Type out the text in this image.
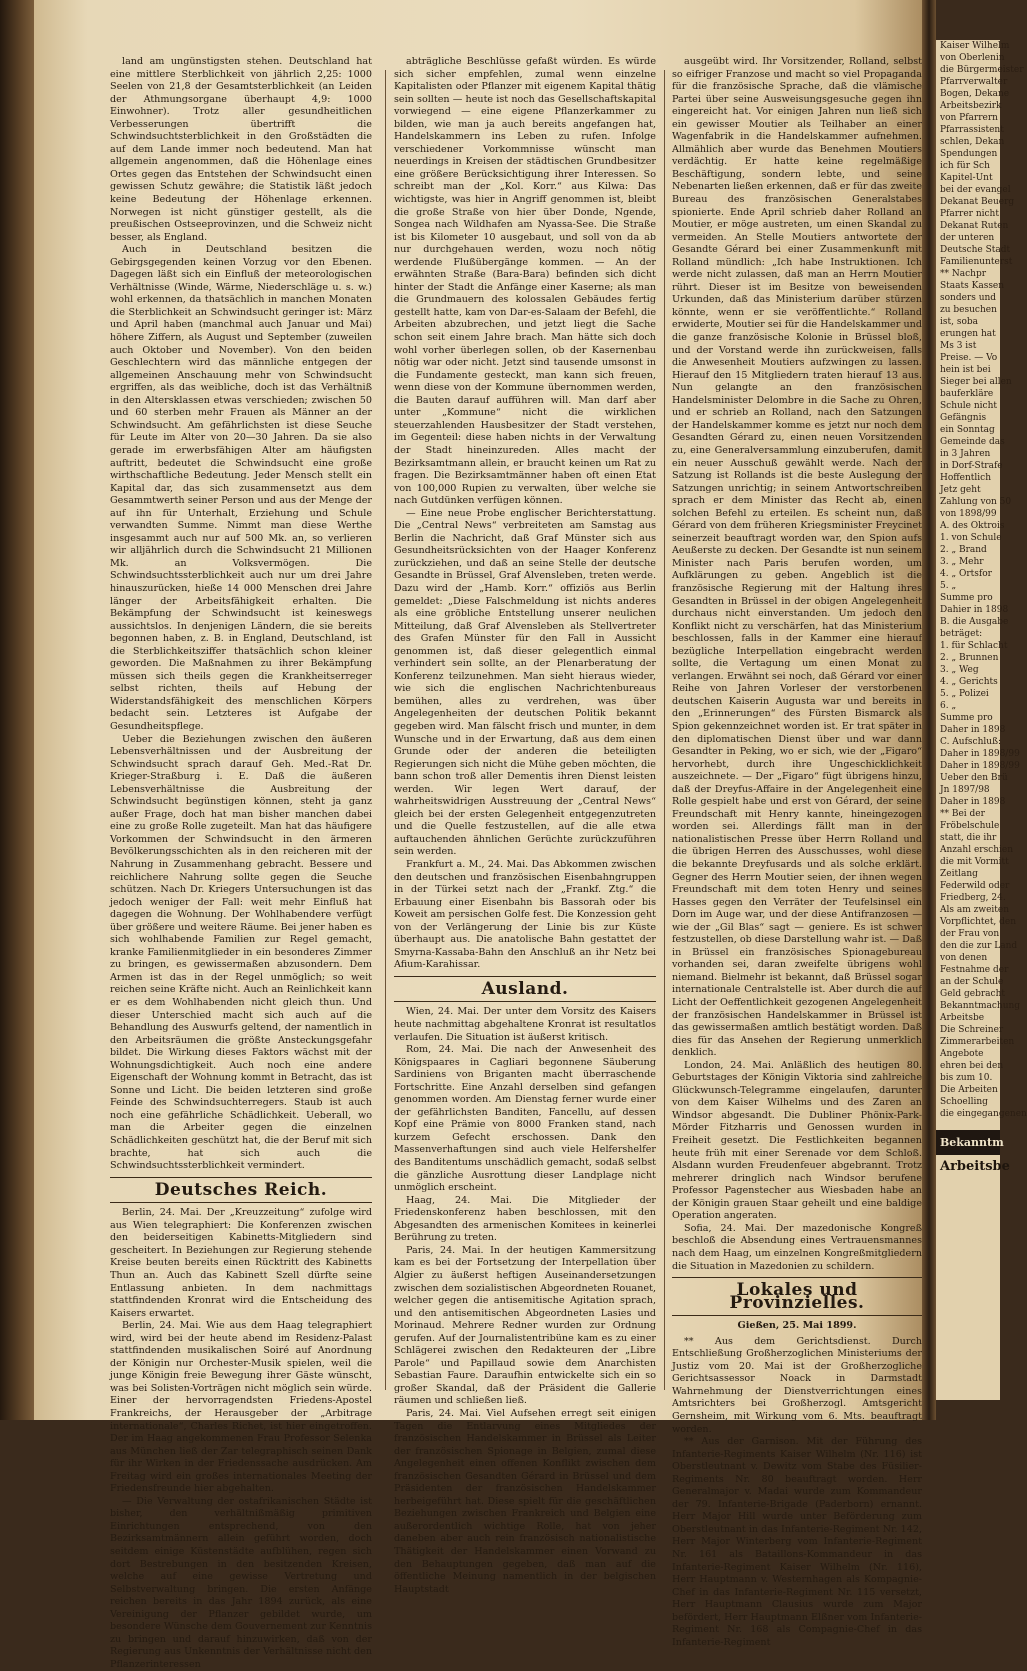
land am ungünstigsten stehen. Deutschland hat eine mittlere Sterblichkeit von jährlich 2,25: 1000 Seelen von 21,8 der Gesamtsterblichkeit (an Leiden der Athmungsorgane überhaupt 4,9: 1000 Einwohner). Trotz aller gesundheitlichen Verbesserungen übertrifft die Schwindsuchtsterblichkeit in den Großstädten die auf dem Lande immer noch bedeutend. Man hat allgemein angenommen, daß die Höhenlage eines Ortes gegen das Entstehen der Schwindsucht einen gewissen Schutz gewähre; die Statistik läßt jedoch keine Bedeutung der Höhenlage erkennen. Norwegen ist nicht günstiger gestellt, als die preußischen Ostseeprovinzen, und die Schweiz nicht besser, als England.

Auch in Deutschland besitzen die Gebirgsgegenden keinen Vorzug vor den Ebenen. Dagegen läßt sich ein Einfluß der meteorologischen Verhältnisse (Winde, Wärme, Niederschläge u. s. w.) wohl erkennen, da thatsächlich in manchen Monaten die Sterblichkeit an Schwindsucht geringer ist: März und April haben (manchmal auch Januar und Mai) höhere Ziffern, als August und September (zuweilen auch Oktober und November). Von den beiden Geschlechtern wird das männliche entgegen der allgemeinen Anschauung mehr von Schwindsucht ergriffen, als das weibliche, doch ist das Verhältniß in den Altersklassen etwas verschieden; zwischen 50 und 60 sterben mehr Frauen als Männer an der Schwindsucht. Am gefährlichsten ist diese Seuche für Leute im Alter von 20—30 Jahren. Da sie also gerade im erwerbsfähigen Alter am häufigsten auftritt, bedeutet die Schwindsucht eine große wirthschaftliche Bedeutung. Jeder Mensch stellt ein Kapital dar, das sich zusammensetzt aus dem Gesammtwerth seiner Person und aus der Menge der auf ihn für Unterhalt, Erziehung und Schule verwandten Summe. Nimmt man diese Werthe insgesammt auch nur auf 500 Mk. an, so verlieren wir alljährlich durch die Schwindsucht 21 Millionen Mk. an Volksvermögen. Die Schwindsuchtssterblichkeit auch nur um drei Jahre hinauszurücken, hieße 14 000 Menschen drei Jahre länger der Arbeitsfähigkeit erhalten. Die Bekämpfung der Schwindsucht ist keineswegs aussichtslos. In denjenigen Ländern, die sie bereits begonnen haben, z. B. in England, Deutschland, ist die Sterblichkeitsziffer thatsächlich schon kleiner geworden. Die Maßnahmen zu ihrer Bekämpfung müssen sich theils gegen die Krankheitserreger selbst richten, theils auf Hebung der Widerstandsfähigkeit des menschlichen Körpers bedacht sein. Letzteres ist Aufgabe der Gesundheitspflege.

Ueber die Beziehungen zwischen den äußeren Lebensverhältnissen und der Ausbreitung der Schwindsucht sprach darauf Geh. Med.-Rat Dr. Krieger-Straßburg i. E. Daß die äußeren Lebensverhältnisse die Ausbreitung der Schwindsucht begünstigen können, steht ja ganz außer Frage, doch hat man bisher manchen dabei eine zu große Rolle zugeteilt. Man hat das häufigere Vorkommen der Schwindsucht in den ärmeren Bevölkerungsschichten als in den reicheren mit der Nahrung in Zusammenhang gebracht. Bessere und reichlichere Nahrung sollte gegen die Seuche schützen. Nach Dr. Kriegers Untersuchungen ist das jedoch weniger der Fall: weit mehr Einfluß hat dagegen die Wohnung. Der Wohlhabendere verfügt über größere und weitere Räume. Bei jener haben es sich wohlhabende Familien zur Regel gemacht, kranke Familienmitglieder in ein besonderes Zimmer zu bringen, es gewissermaßen abzusondern. Dem Armen ist das in der Regel unmöglich; so weit reichen seine Kräfte nicht. Auch an Reinlichkeit kann er es dem Wohlhabenden nicht gleich thun. Und dieser Unterschied macht sich auch auf die Behandlung des Auswurfs geltend, der namentlich in den Arbeitsräumen die größte Ansteckungsgefahr bildet. Die Wirkung dieses Faktors wächst mit der Wohnungsdichtigkeit. Auch noch eine andere Eigenschaft der Wohnung kommt in Betracht, das ist Sonne und Licht. Die beiden letzteren sind große Feinde des Schwindsuchterregers. Staub ist auch noch eine gefährliche Schädlichkeit. Ueberall, wo man die Arbeiter gegen die einzelnen Schädlichkeiten geschützt hat, die der Beruf mit sich brachte, hat sich auch die Schwindsuchtssterblichkeit vermindert.

Deutsches Reich.

Berlin, 24. Mai. Der „Kreuzzeitung“ zufolge wird aus Wien telegraphiert: Die Konferenzen zwischen den beiderseitigen Kabinetts-Mitgliedern sind gescheitert. In Beziehungen zur Regierung stehende Kreise beuten bereits einen Rücktritt des Kabinetts Thun an. Auch das Kabinett Szell dürfte seine Entlassung anbieten. In dem nachmittags stattfindenden Kronrat wird die Entscheidung des Kaisers erwartet.

Berlin, 24. Mai. Wie aus dem Haag telegraphiert wird, wird bei der heute abend im Residenz-Palast stattfindenden musikalischen Soiré auf Anordnung der Königin nur Orchester-Musik spielen, weil die junge Königin freie Bewegung ihrer Gäste wünscht, was bei Solisten-Vorträgen nicht möglich sein würde. Einer der hervorragendsten Friedens-Apostel Frankreichs, der Herausgeber der „Arbitrage internationale“, Charles Richet, ist hier eingetroffen. Der im Haag angekommenen Frau Professor Selenka aus München ließ der Zar telegraphisch seinen Dank für ihr Wirken in der Friedenssache ausdrücken. Am Freitag wird ein großes internationales Meeting der Friedensfreunde hier abgehalten.

— Die Verwaltung der ostafrikanischen Städte ist bisher, den verhältnißmäßig primitiven Einrichtungen entsprechend, von den Bezirksamtmännern allein geführt worden, doch seitdem einige Küstenstädte aufblühen, regen sich dort Bestrebungen in den besitzenden Kreisen, welche auf eine gewisse Vertretung und Selbstverwaltung bringen. Die ersten Anfänge reichen bereits in das Jahr 1894 zurück, als eine Vereinigung der Pflanzer gebildet wurde, um besondere Wünsche dem Gouvernement zur Kenntnis zu bringen und darauf hinzuwirken, daß von der Regierung aus Unkenntnis der Verhältnisse nicht den Pflanzerinteressen

abträgliche Beschlüsse gefaßt würden. Es würde sich sicher empfehlen, zumal wenn einzelne Kapitalisten oder Pflanzer mit eigenem Kapital thätig sein sollten — heute ist noch das Gesellschaftskapital vorwiegend — eine eigene Pflanzerkammer zu bilden, wie man ja auch bereits angefangen hat, Handelskammern ins Leben zu rufen. Infolge verschiedener Vorkommnisse wünscht man neuerdings in Kreisen der städtischen Grundbesitzer eine größere Berücksichtigung ihrer Interessen. So schreibt man der „Kol. Korr.“ aus Kilwa: Das wichtigste, was hier in Angriff genommen ist, bleibt die große Straße von hier über Donde, Ngende, Songea nach Wildhafen am Nyassa-See. Die Straße ist bis Kilometer 10 ausgebaut, und soll von da ab nur durchgehauen werden, wozu noch nötig werdende Flußübergänge kommen. — An der erwähnten Straße (Bara-Bara) befinden sich dicht hinter der Stadt die Anfänge einer Kaserne; als man die Grundmauern des kolossalen Gebäudes fertig gestellt hatte, kam von Dar-es-Salaam der Befehl, die Arbeiten abzubrechen, und jetzt liegt die Sache schon seit einem Jahre brach. Man hätte sich doch wohl vorher überlegen sollen, ob der Kasernenbau nötig war oder nicht. Jetzt sind tausende umsonst in die Fundamente gesteckt, man kann sich freuen, wenn diese von der Kommune übernommen werden, die Bauten darauf aufführen will. Man darf aber unter „Kommune“ nicht die wirklichen steuerzahlenden Hausbesitzer der Stadt verstehen, im Gegenteil: diese haben nichts in der Verwaltung der Stadt hineinzureden. Alles macht der Bezirksamtmann allein, er braucht keinen um Rat zu fragen. Die Bezirksamtmänner haben oft einen Etat von 100,000 Rupien zu verwalten, über welche sie nach Gutdünken verfügen können.

— Eine neue Probe englischer Berichterstattung. Die „Central News“ verbreiteten am Samstag aus Berlin die Nachricht, daß Graf Münster sich aus Gesundheitsrücksichten von der Haager Konferenz zurückziehen, und daß an seine Stelle der deutsche Gesandte in Brüssel, Graf Alvensleben, treten werde. Dazu wird der „Hamb. Korr.“ offiziös aus Berlin gemeldet: „Diese Falschmeldung ist nichts anderes als eine gröbliche Entstellung unserer neulichen Mitteilung, daß Graf Alvensleben als Stellvertreter des Grafen Münster für den Fall in Aussicht genommen ist, daß dieser gelegentlich einmal verhindert sein sollte, an der Plenarberatung der Konferenz teilzunehmen. Man sieht hieraus wieder, wie sich die englischen Nachrichtenbureaus bemühen, alles zu verdrehen, was über Angelegenheiten der deutschen Politik bekannt gegeben wird. Man fälscht frisch und munter, in dem Wunsche und in der Erwartung, daß aus dem einen Grunde oder der anderen die beteiligten Regierungen sich nicht die Mühe geben möchten, die bann schon troß aller Dementis ihren Dienst leisten werden. Wir legen Wert darauf, der wahrheitswidrigen Ausstreuung der „Central News“ gleich bei der ersten Gelegenheit entgegenzutreten und die Quelle festzustellen, auf die alle etwa auftauchenden ähnlichen Gerüchte zurückzuführen sein werden.

Frankfurt a. M., 24. Mai. Das Abkommen zwischen den deutschen und französischen Eisenbahngruppen in der Türkei setzt nach der „Frankf. Ztg.“ die Erbauung einer Eisenbahn bis Bassorah oder bis Koweit am persischen Golfe fest. Die Konzession geht von der Verlängerung der Linie bis zur Küste überhaupt aus. Die anatolische Bahn gestattet der Smyrna-Kassaba-Bahn den Anschluß an ihr Netz bei Afium-Karahissar.

Ausland.

Wien, 24. Mai. Der unter dem Vorsitz des Kaisers heute nachmittag abgehaltene Kronrat ist resultatlos verlaufen. Die Situation ist äußerst kritisch.

Rom, 24. Mai. Die nach der Anwesenheit des Königspaares in Cagliari begonnene Säuberung Sardiniens von Briganten macht überraschende Fortschritte. Eine Anzahl derselben sind gefangen genommen worden. Am Dienstag ferner wurde einer der gefährlichsten Banditen, Fancellu, auf dessen Kopf eine Prämie von 8000 Franken stand, nach kurzem Gefecht erschossen. Dank den Massenverhaftungen sind auch viele Helfershelfer des Banditentums unschädlich gemacht, sodaß selbst die gänzliche Ausrottung dieser Landplage nicht unmöglich erscheint.

Haag, 24. Mai. Die Mitglieder der Friedenskonferenz haben beschlossen, mit den Abgesandten des armenischen Komitees in keinerlei Berührung zu treten.

Paris, 24. Mai. In der heutigen Kammersitzung kam es bei der Fortsetzung der Interpellation über Algier zu äußerst heftigen Auseinandersetzungen zwischen dem sozialistischen Abgeordneten Rouanet, welcher gegen die antisemitische Agitation sprach, und den antisemitischen Abgeordneten Lasies und Morinaud. Mehrere Redner wurden zur Ordnung gerufen. Auf der Journalistentribüne kam es zu einer Schlägerei zwischen den Redakteuren der „Libre Parole“ und Papillaud sowie dem Anarchisten Sebastian Faure. Daraufhin entwickelte sich ein so großer Skandal, daß der Präsident die Gallerie räumen und schließen ließ.

Paris, 24. Mai. Viel Aufsehen erregt seit einigen Tagen die Entlarvung eines Mitgliedes der französischen Handelskammer in Brüssel als Leiter der französischen Spionage in Belgien, zumal diese Angelegenheit einen offenen Konflikt zwischen dem französischen Gesandten Gérard in Brüssel und dem Präsidenten der französischen Handelskammer herbeigeführt hat. Diese spielt für die geschäftlichen Beziehungen zwischen Frankreich und Belgien eine außerordentlich wichtige Rolle, hat von jeher daneben aber auch rein französisch nationalistische Thätigkeit der Handelskammer einen Vorwand zu den Behauptungen gegeben, daß man auf die öffentliche Meinung namentlich in der belgischen Hauptstadt

ausgeübt wird. Ihr Vorsitzender, Rolland, selbst so eifriger Franzose und macht so viel Propaganda für die französische Sprache, daß die vlämische Partei über seine Ausweisungsgesuche gegen ihn eingereicht hat. Vor einigen Jahren nun ließ sich ein gewisser Moutier als Teilhaber an einer Wagenfabrik in die Handelskammer aufnehmen. Allmählich aber wurde das Benehmen Moutiers verdächtig. Er hatte keine regelmäßige Beschäftigung, sondern lebte, und seine Nebenarten ließen erkennen, daß er für das zweite Bureau des französischen Generalstabes spionierte. Ende April schrieb daher Rolland an Moutier, er möge austreten, um einen Skandal zu vermeiden. An Stelle Moutiers antwortete der Gesandte Gérard bei einer Zusammenkunft mit Rolland mündlich: „Ich habe Instruktionen. Ich werde nicht zulassen, daß man an Herrn Moutier rührt. Dieser ist im Besitze von beweisenden Urkunden, daß das Ministerium darüber stürzen könnte, wenn er sie veröffentlichte.“ Rolland erwiderte, Moutier sei für die Handelskammer und die ganze französische Kolonie in Brüssel bloß, und der Vorstand werde ihn zurückweisen, falls die Anwesenheit Moutiers aufzwingen zu lassen. Hierauf den 15 Mitgliedern traten hierauf 13 aus. Nun gelangte an den französischen Handelsminister Delombre in die Sache zu Ohren, und er schrieb an Rolland, nach den Satzungen der Handelskammer komme es jetzt nur noch dem Gesandten Gérard zu, einen neuen Vorsitzenden zu, eine Generalversammlung einzuberufen, damit ein neuer Ausschuß gewählt werde. Nach der Satzung ist Rollands ist die beste Auslegung der Satzungen unrichtig; in seinem Antwortschreiben sprach er dem Minister das Recht ab, einen solchen Befehl zu erteilen. Es scheint nun, daß Gérard von dem früheren Kriegsminister Freycinet seinerzeit beauftragt worden war, den Spion aufs Aeußerste zu decken. Der Gesandte ist nun seinem Minister nach Paris berufen worden, um Aufklärungen zu geben. Angeblich ist die französische Regierung mit der Haltung ihres Gesandten in Brüssel in der obigen Angelegenheit durchaus nicht einverstanden. Um jedoch den Konflikt nicht zu verschärfen, hat das Ministerium beschlossen, falls in der Kammer eine hierauf bezügliche Interpellation eingebracht werden sollte, die Vertagung um einen Monat zu verlangen. Erwähnt sei noch, daß Gérard vor einer Reihe von Jahren Vorleser der verstorbenen deutschen Kaiserin Augusta war und bereits in den „Erinnerungen“ des Fürsten Bismarck als Spion gekennzeichnet worden ist. Er trat später in den diplomatischen Dienst über und war dann Gesandter in Peking, wo er sich, wie der „Figaro“ hervorhebt, durch ihre Ungeschicklichkeit auszeichnete. — Der „Figaro“ fügt übrigens hinzu, daß der Dreyfus-Affaire in der Angelegenheit eine Rolle gespielt habe und erst von Gérard, der seine Freundschaft mit Henry kannte, hineingezogen worden sei. Allerdings fällt man in der nationalistischen Presse über Herrn Rolland und die übrigen Herren des Ausschusses, wohl diese die bekannte Dreyfusards und als solche erklärt. Gegner des Herrn Moutier seien, der ihnen wegen Freundschaft mit dem toten Henry und seines Hasses gegen den Verräter der Teufelsinsel ein Dorn im Auge war, und der diese Antifranzosen — wie der „Gil Blas“ sagt — geniere. Es ist schwer festzustellen, ob diese Darstellung wahr ist. — Daß in Brüssel ein französisches Spionagebureau vorhanden sei, daran zweifelte übrigens wohl niemand. Bielmehr ist bekannt, daß Brüssel sogar internationale Centralstelle ist. Aber durch die auf Licht der Oeffentlichkeit gezogenen Angelegenheit der französischen Handelskammer in Brüssel ist das gewissermaßen amtlich bestätigt worden. Daß dies für das Ansehen der Regierung unmerklich denklich.

London, 24. Mai. Anläßlich des heutigen 80. Geburtstages der Königin Viktoria sind zahlreiche Glückwunsch-Telegramme eingelaufen, darunter von dem Kaiser Wilhelms und des Zaren an Windsor abgesandt. Die Dubliner Phönix-Park-Mörder Fitzharris und Genossen wurden in Freiheit gesetzt. Die Festlichkeiten begannen heute früh mit einer Serenade vor dem Schloß. Alsdann wurden Freudenfeuer abgebrannt. Trotz mehrerer dringlich nach Windsor berufene Professor Pagenstecher aus Wiesbaden habe an der Königin grauen Staar geheilt und eine baldige Operation angeraten.

Sofia, 24. Mai. Der mazedonische Kongreß beschloß die Absendung eines Vertrauensmannes nach dem Haag, um einzelnen Kongreßmitgliedern die Situation in Mazedonien zu schildern.

Lokales und Provinzielles.
Gießen, 25. Mai 1899.

** Aus dem Gerichtsdienst. Durch Entschließung Großherzoglichen Ministeriums der Justiz vom 20. Mai ist der Großherzogliche Gerichtsassessor Noack in Darmstadt Wahrnehmung der Dienstverrichtungen eines Amtsrichters bei Großherzogl. Amtsgericht Gernsheim, mit Wirkung vom 6. Mts. beauftragt worden.

** Aus der Garnison. Mit der Führung des Infanterie-Regiments Kaiser Wilhelm (Nr. 116) ist Oberstleutnant v. Dewitz vom Stabe des Füsilier-Regiments Nr. 80 beauftragt worden. Herr Generalmajor v. Madai wurde zum Kommandeur der 79. Infanterie-Brigade (Paderborn) ernannt. Herr Major Hill wurde unter Beförderung zum Oberstleutnant in das Infanterie-Regiment Nr. 142, Herr Major Winterberg vom Infanterie-Regiment Nr. 161 als Bataillons-Kommandeur in das Infanterie-Regiment Kaiser Wilhelm (Nr. 116), Herr Hauptmann v. Westernhagen als Kompagnie-Chef in das Infanterie-Regiment Nr. 115 versetzt, Herr Hauptmann Clausius wurde zum Major befördert, Herr Hauptmann Elßner vom Infanterie-Regiment Nr. 168 als Compagnie-Chef in das Infanterie-Regiment

Kaiser Wilhelm
von Oberlenin
die Bürgermeister
Pfarrverwalter
Bogen, Dekane
Arbeitsbezirk
von Pfarrern
Pfarrassistent
schlen, Dekan
Spendungen
ich für Sch
Kapitel-Unt
bei der evangel
Dekanat Beuerg
Pfarrer nicht
Dekanat Ruten
der unteren
Deutsche Stadt
Familienunterst
** Nachpr
Staats Kassen
sonders und
zu besuchen
ist, soba
erungen hat
Ms 3 ist
Preise. — Vo
hein ist bei
Sieger bei allen
bauferkläre
Schule nicht
Gefängnis
ein Sonntag
Gemeinde das
in 3 Jahren
in Dorf-Strafe
Hoffentlich
Jetz geht
Zahlung von 50
von 1898/99
A. des Oktrois
1. von Schule
2. „ Brand
3. „ Mehr
4. „ Ortsfor
5. „
Summe pro
Dahier in 1898
B. die Ausgabe
beträget:
1. für Schlacht
2. „ Brunnen
3. „ Weg
4. „ Gerichts
5. „ Polizei
6. „
Summe pro
Daher in 1898
C. Aufschluß:
Daher in 1898/99
Daher in 1898/99
Ueber den Brü
Jn 1897/98
Daher in 1898
** Bei der
Fröbelschule
statt, die ihr
Anzahl erschien
die mit Vormitt
Zeitlang
Federwild oder
Friedberg, 24.
Als am zweiten
Vorpflichtet, den
der Frau von
den die zur Land
von denen
Festnahme der
an der Schule
Geld gebracht
Bekanntmachung
Arbeitsbe
Die Schreiner
Zimmerarbeiten
Angebote
ehren bei den
bis zum 10.
Die Arbeiten
Schoelling
die eingegangenen
Bekanntm
Arbeitsbe
